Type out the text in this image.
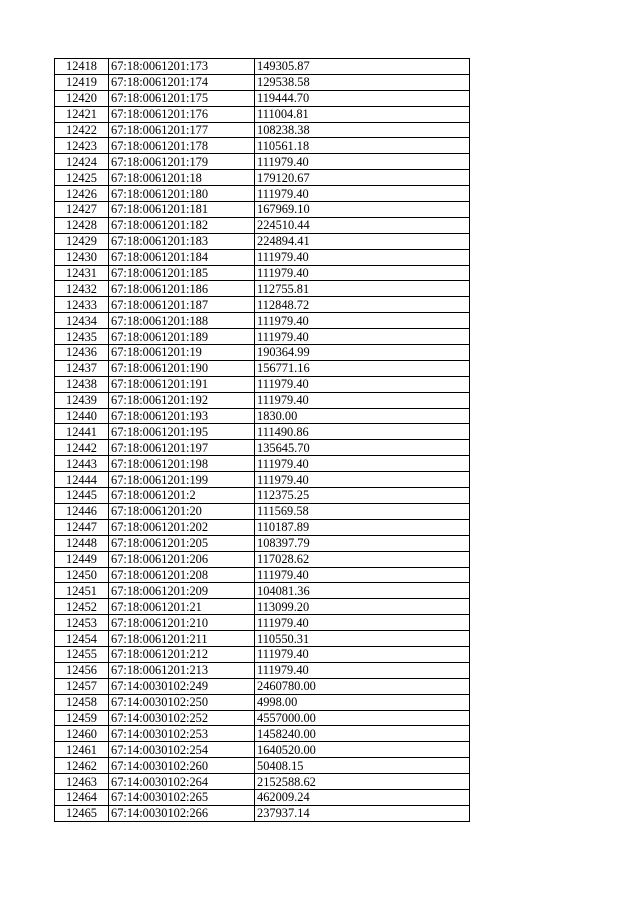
12418	67:18:0061201:173	149305.87
12419	67:18:0061201:174	129538.58
12420	67:18:0061201:175	119444.70
12421	67:18:0061201:176	111004.81
12422	67:18:0061201:177	108238.38
12423	67:18:0061201:178	110561.18
12424	67:18:0061201:179	111979.40
12425	67:18:0061201:18	179120.67
12426	67:18:0061201:180	111979.40
12427	67:18:0061201:181	167969.10
12428	67:18:0061201:182	224510.44
12429	67:18:0061201:183	224894.41
12430	67:18:0061201:184	111979.40
12431	67:18:0061201:185	111979.40
12432	67:18:0061201:186	112755.81
12433	67:18:0061201:187	112848.72
12434	67:18:0061201:188	111979.40
12435	67:18:0061201:189	111979.40
12436	67:18:0061201:19	190364.99
12437	67:18:0061201:190	156771.16
12438	67:18:0061201:191	111979.40
12439	67:18:0061201:192	111979.40
12440	67:18:0061201:193	1830.00
12441	67:18:0061201:195	111490.86
12442	67:18:0061201:197	135645.70
12443	67:18:0061201:198	111979.40
12444	67:18:0061201:199	111979.40
12445	67:18:0061201:2	112375.25
12446	67:18:0061201:20	111569.58
12447	67:18:0061201:202	110187.89
12448	67:18:0061201:205	108397.79
12449	67:18:0061201:206	117028.62
12450	67:18:0061201:208	111979.40
12451	67:18:0061201:209	104081.36
12452	67:18:0061201:21	113099.20
12453	67:18:0061201:210	111979.40
12454	67:18:0061201:211	110550.31
12455	67:18:0061201:212	111979.40
12456	67:18:0061201:213	111979.40
12457	67:14:0030102:249	2460780.00
12458	67:14:0030102:250	4998.00
12459	67:14:0030102:252	4557000.00
12460	67:14:0030102:253	1458240.00
12461	67:14:0030102:254	1640520.00
12462	67:14:0030102:260	50408.15
12463	67:14:0030102:264	2152588.62
12464	67:14:0030102:265	462009.24
12465	67:14:0030102:266	237937.14
